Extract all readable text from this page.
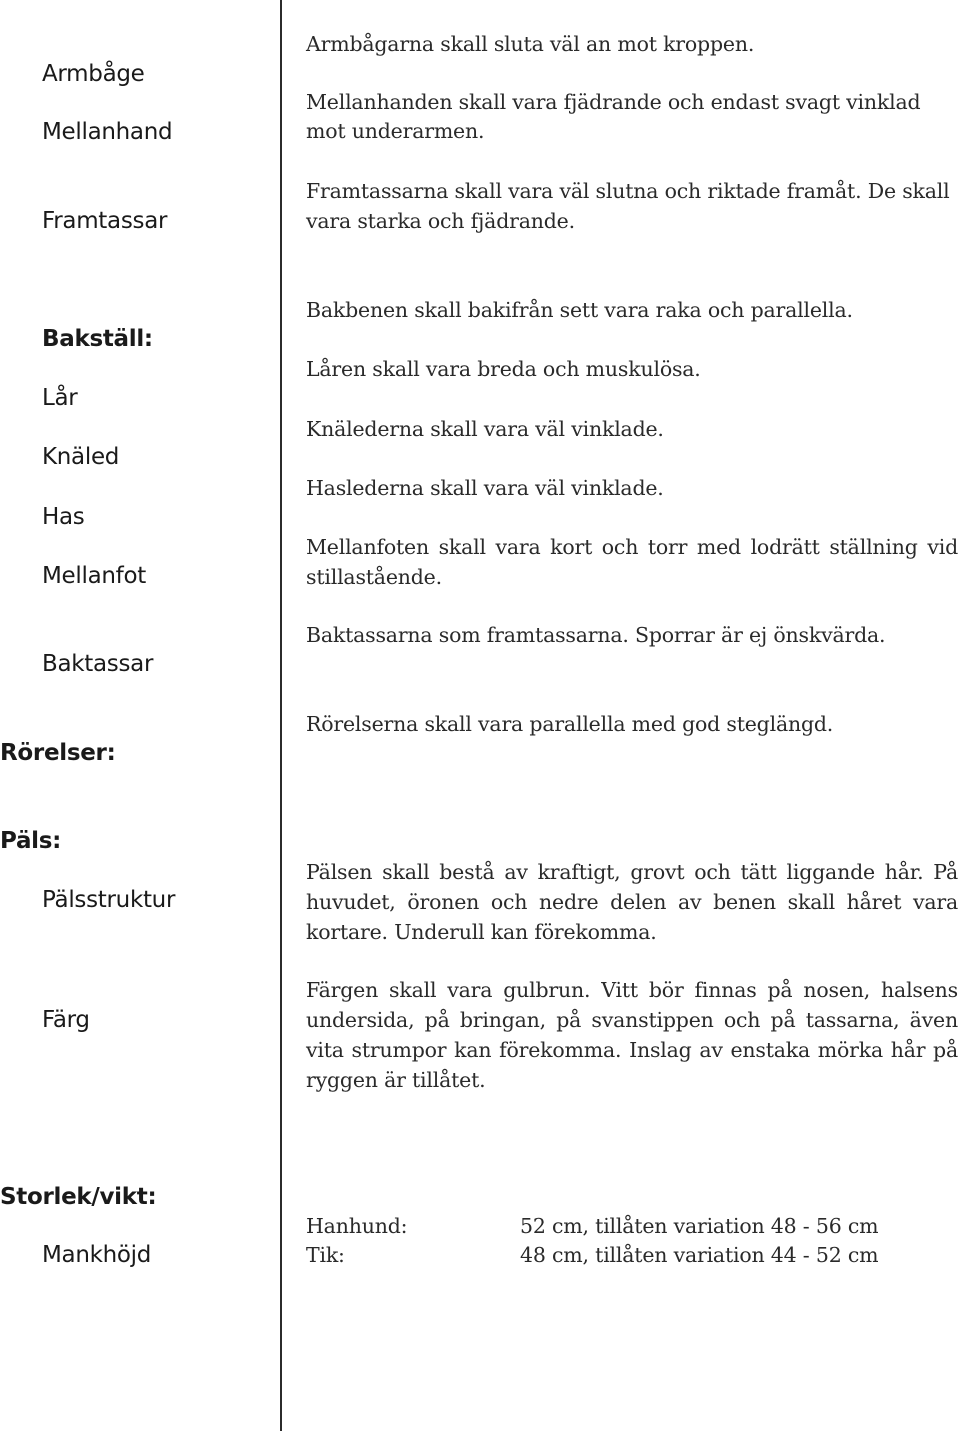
Armbåge
Mellanhand
Framtassar
Bakställ:
Lår
Knäled
Has
Mellanfot
Baktassar
Rörelser:
Päls:
Pälsstruktur
Färg
Storlek/vikt:
Mankhöjd
Armbågarna skall sluta väl an mot kroppen.
Mellanhanden skall vara fjädrande och endast svagt vinklad mot underarmen.
Framtassarna skall vara väl slutna och riktade framåt. De skall vara starka och fjädrande.
Bakbenen skall bakifrån sett vara raka och parallella.
Låren skall vara breda och muskulösa.
Knälederna skall vara väl vinklade.
Haslederna skall vara väl vinklade.
Mellanfoten skall vara kort och torr med lodrätt ställning vid stillastående.
Baktassarna som framtassarna. Sporrar är ej önskvärda.
Rörelserna skall vara parallella med god steglängd.
Pälsen skall bestå av kraftigt, grovt och tätt liggande hår. På huvudet, öronen och nedre delen av benen skall håret vara kortare. Underull kan förekomma.
Färgen skall vara gulbrun. Vitt bör finnas på nosen, halsens undersida, på bringan, på svanstippen och på tassarna, även vita strumpor kan förekomma. Inslag av enstaka mörka hår på ryggen är tillåtet.
Hanhund:	52 cm, tillåten variation 48 - 56 cm
Tik:	48 cm, tillåten variation 44 - 52 cm
